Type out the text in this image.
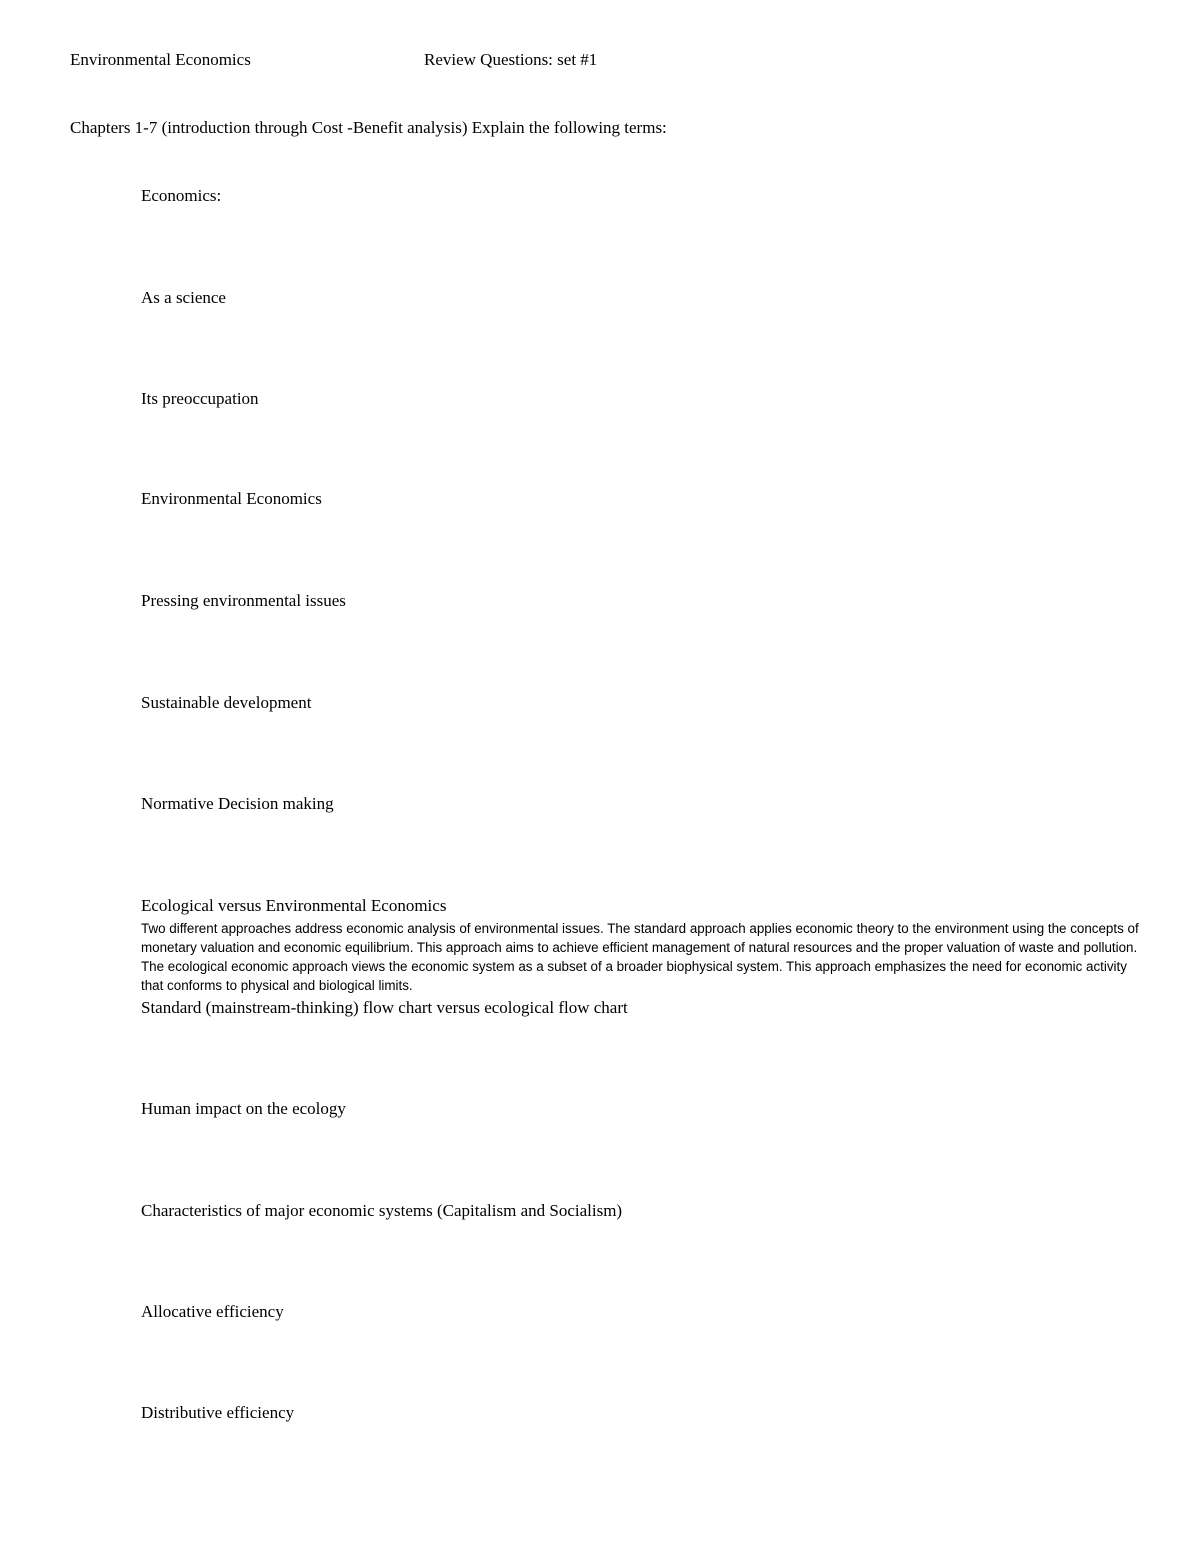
Environmental Economics	Review Questions: set #1
Chapters 1-7 (introduction through Cost -Benefit analysis) Explain the following terms:
Economics:
As a science
Its preoccupation
Environmental Economics
Pressing environmental issues
Sustainable development
Normative Decision making
Ecological versus Environmental Economics
Two different approaches address economic analysis of environmental issues. The standard approach applies economic theory to the environment using the concepts of monetary valuation and economic equilibrium. This approach aims to achieve efficient management of natural resources and the proper valuation of waste and pollution. The ecological economic approach views the economic system as a subset of a broader biophysical system. This approach emphasizes the need for economic activity that conforms to physical and biological limits.
Standard (mainstream-thinking) flow chart versus ecological flow chart
Human impact on the ecology
Characteristics of major economic systems (Capitalism and Socialism)
Allocative efficiency
Distributive efficiency
